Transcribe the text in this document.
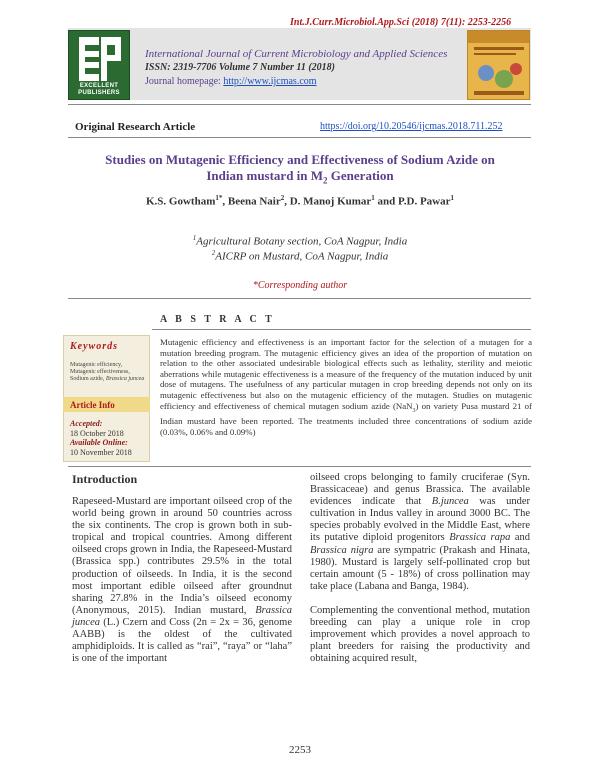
Int.J.Curr.Microbiol.App.Sci (2018) 7(11): 2253-2256
EXCELLENT
PUBLISHERS
International Journal of Current Microbiology and Applied Sciences
ISSN: 2319-7706 Volume 7 Number 11 (2018)
Journal homepage: http://www.ijcmas.com
Original Research Article	https://doi.org/10.20546/ijcmas.2018.711.252
Studies on Mutagenic Efficiency and Effectiveness of Sodium Azide on
Indian mustard in $M_2$ Generation
K.S. Gowtham$^{1*}$, Beena Nair$^2$, D. Manoj Kumar$^1$ and P.D. Pawar$^1$
$^1$Agricultural Botany section, CoA Nagpur, India
$^2$AICRP on Mustard, CoA Nagpur, India
*Corresponding author
A B S T R A C T
Keywords
Mutagenic efficiency,
Mutagenic effectiveness,
Sodium azide, Brassica juncea
Article Info
Accepted:
18 October 2018
Available Online:
10 November 2018
Mutagenic efficiency and effectiveness is an important factor for the selection of a mutagen for a mutation breeding program. The mutagenic efficiency gives an idea of the proportion of mutation on relation to the other associated undesirable biological effects such as lethality, sterility and meiotic aberrations while mutagenic effectiveness is a measure of the frequency of the mutation induced by unit dose of mutagens. The usefulness of any particular mutagen in crop breeding depends not only on its mutagenic effectiveness but also on the mutagenic efficiency of the mutagen. Studies on mutagenic efficiency and effectiveness of chemical mutagen sodium azide (NaN$_3$) on variety Pusa mustard 21 of Indian mustard have been reported. The treatments included three concentrations of sodium azide (0.03%, 0.06% and 0.09%)
Introduction

Rapeseed-Mustard are important oilseed crop of the world being grown in around 50 countries across the six continents. The crop is grown both in sub-tropical and tropical countries. Among different oilseed crops grown in India, the Rapeseed-Mustard (Brassica spp.) contributes 29.5% in the total production of oilseeds. In India, it is the second most important edible oilseed after groundnut sharing 27.8% in the India’s oilseed economy (Anonymous, 2015). Indian mustard, Brassica juncea (L.) Czern and Coss (2n = 2x = 36, genome AABB) is the oldest of the cultivated amphidiploids. It is called as “rai”, “raya” or “laha” is one of the important

oilseed crops belonging to family cruciferae (Syn. Brassicaceae) and genus Brassica. The available evidences indicate that B.juncea was under cultivation in Indus valley in around 3000 BC. The species probably evolved in the Middle East, where its putative diploid progenitors Brassica rapa and Brassica nigra are sympatric (Prakash and Hinata, 1980). Mustard is largely self-pollinated crop but certain amount (5 - 18%) of cross pollination may take place (Labana and Banga, 1984).

Complementing the conventional method, mutation breeding can play a unique role in crop improvement which provides a novel approach to plant breeders for raising the productivity and obtaining acquired result,

2253
